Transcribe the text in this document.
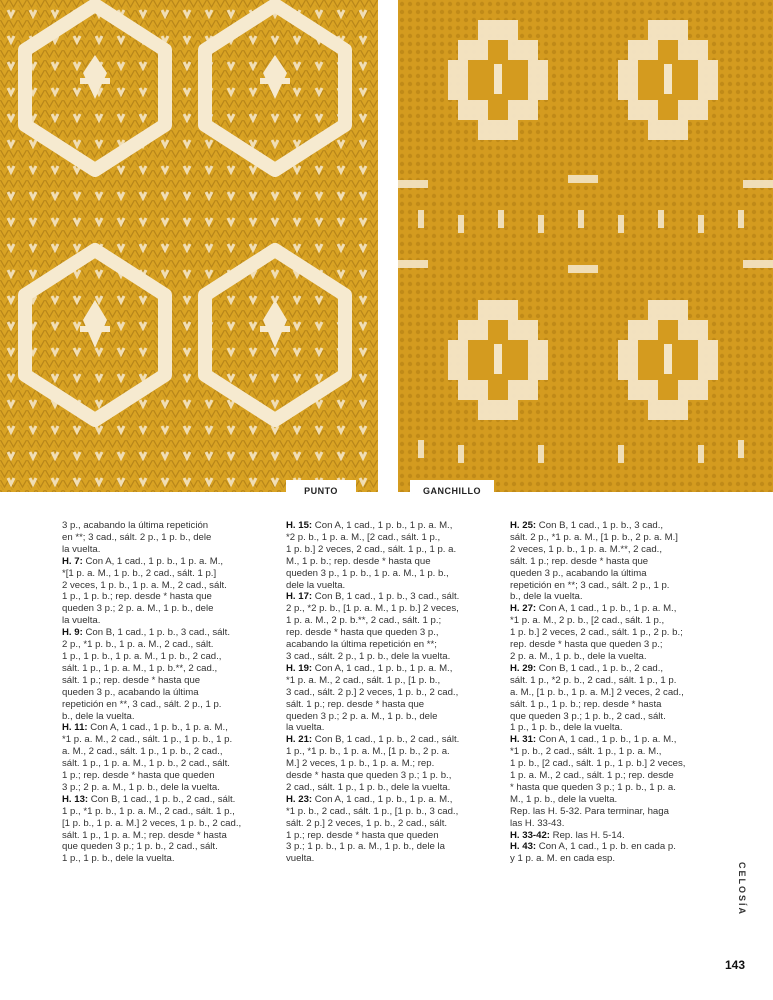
PUNTO	GANCHILLO

3 p., acabando la última repetición

en **; 3 cad., sált. 2 p., 1 p. b., dele

la vuelta.

H. 7: Con A, 1 cad., 1 p. b., 1 p. a. M.,

*[1 p. a. M., 1 p. b., 2 cad., sált. 1 p.]

2 veces, 1 p. b., 1 p. a. M., 2 cad., sált.

1 p., 1 p. b.; rep. desde * hasta que

queden 3 p.; 2 p. a. M., 1 p. b., dele

la vuelta.

H. 9: Con B, 1 cad., 1 p. b., 3 cad., sált.

2 p., *1 p. b., 1 p. a. M., 2 cad., sált.

1 p., 1 p. b., 1 p. a. M., 1 p. b., 2 cad.,

sált. 1 p., 1 p. a. M., 1 p. b.**, 2 cad.,

sált. 1 p.; rep. desde * hasta que

queden 3 p., acabando la última

repetición en **, 3 cad., sált. 2 p., 1 p.

b., dele la vuelta.

H. 11: Con A, 1 cad., 1 p. b., 1 p. a. M.,

*1 p. a. M., 2 cad., sált. 1 p., 1 p. b., 1 p.

a. M., 2 cad., sált. 1 p., 1 p. b., 2 cad.,

sált. 1 p., 1 p. a. M., 1 p. b., 2 cad., sált.

1 p.; rep. desde * hasta que queden

3 p.; 2 p. a. M., 1 p. b., dele la vuelta.

H. 13: Con B, 1 cad., 1 p. b., 2 cad., sált.

1 p., *1 p. b., 1 p. a. M., 2 cad., sált. 1 p.,

[1 p. b., 1 p. a. M.] 2 veces, 1 p. b., 2 cad.,

sált. 1 p., 1 p. a. M.; rep. desde * hasta

que queden 3 p.; 1 p. b., 2 cad., sált.

1 p., 1 p. b., dele la vuelta.

H. 15: Con A, 1 cad., 1 p. b., 1 p. a. M.,

*2 p. b., 1 p. a. M., [2 cad., sált. 1 p.,

1 p. b.] 2 veces, 2 cad., sált. 1 p., 1 p. a.

M., 1 p. b.; rep. desde * hasta que

queden 3 p., 1 p. b., 1 p. a. M., 1 p. b.,

dele la vuelta.

H. 17: Con B, 1 cad., 1 p. b., 3 cad., sált.

2 p., *2 p. b., [1 p. a. M., 1 p. b.] 2 veces,

1 p. a. M., 2 p. b.**, 2 cad., sált. 1 p.;

rep. desde * hasta que queden 3 p.,

acabando la última repetición en **;

3 cad., sált. 2 p., 1 p. b., dele la vuelta.

H. 19: Con A, 1 cad., 1 p. b., 1 p. a. M.,

*1 p. a. M., 2 cad., sált. 1 p., [1 p. b.,

3 cad., sált. 2 p.] 2 veces, 1 p. b., 2 cad.,

sált. 1 p.; rep. desde * hasta que

queden 3 p.; 2 p. a. M., 1 p. b., dele

la vuelta.

H. 21: Con B, 1 cad., 1 p. b., 2 cad., sált.

1 p., *1 p. b., 1 p. a. M., [1 p. b., 2 p. a.

M.] 2 veces, 1 p. b., 1 p. a. M.; rep.

desde * hasta que queden 3 p.; 1 p. b.,

2 cad., sált. 1 p., 1 p. b., dele la vuelta.

H. 23: Con A, 1 cad., 1 p. b., 1 p. a. M.,

*1 p. b., 2 cad., sált. 1 p., [1 p. b., 3 cad.,

sált. 2 p.] 2 veces, 1 p. b., 2 cad., sált.

1 p.; rep. desde * hasta que queden

3 p.; 1 p. b., 1 p. a. M., 1 p. b., dele la

vuelta.

H. 25: Con B, 1 cad., 1 p. b., 3 cad.,

sált. 2 p., *1 p. a. M., [1 p. b., 2 p. a. M.]

2 veces, 1 p. b., 1 p. a. M.**, 2 cad.,

sált. 1 p.; rep. desde * hasta que

queden 3 p., acabando la última

repetición en **; 3 cad., sált. 2 p., 1 p.

b., dele la vuelta.

H. 27: Con A, 1 cad., 1 p. b., 1 p. a. M.,

*1 p. a. M., 2 p. b., [2 cad., sált. 1 p.,

1 p. b.] 2 veces, 2 cad., sált. 1 p., 2 p. b.;

rep. desde * hasta que queden 3 p.;

2 p. a. M., 1 p. b., dele la vuelta.

H. 29: Con B, 1 cad., 1 p. b., 2 cad.,

sált. 1 p., *2 p. b., 2 cad., sált. 1 p., 1 p.

a. M., [1 p. b., 1 p. a. M.] 2 veces, 2 cad.,

sált. 1 p., 1 p. b.; rep. desde * hasta

que queden 3 p.; 1 p. b., 2 cad., sált.

1 p., 1 p. b., dele la vuelta.

H. 31: Con A, 1 cad., 1 p. b., 1 p. a. M.,

*1 p. b., 2 cad., sált. 1 p., 1 p. a. M.,

1 p. b., [2 cad., sált. 1 p., 1 p. b.] 2 veces,

1 p. a. M., 2 cad., sált. 1 p.; rep. desde

* hasta que queden 3 p.; 1 p. b., 1 p. a.

M., 1 p. b., dele la vuelta.

Rep. las H. 5-32. Para terminar, haga

las H. 33-43.

H. 33-42: Rep. las H. 5-14.

H. 43: Con A, 1 cad., 1 p. b. en cada p.

y 1 p. a. M. en cada esp.

CELOSÍA
143
